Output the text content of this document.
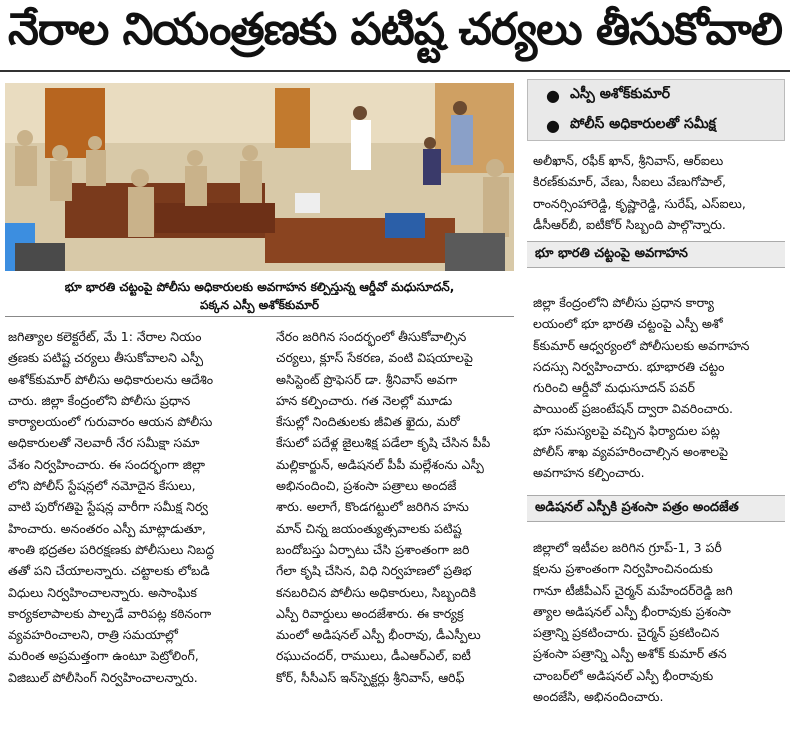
నేరాల నియంత్రణకు పటిష్ట చర్యలు తీసుకోవాలి
భూ భారతి చట్టంపై పోలీసు అధికారులకు అవగాహన కల్పిస్తున్న ఆర్డీవో మధుసూదన్,
పక్కన ఎస్పీ అశోక్‌కుమార్
● ఎస్పీ అశోక్‌కుమార్
● పోలీస్ అధికారులతో సమీక్ష

జగిత్యాల కలెక్టరేట్, మే 1: నేరాల నియం

త్రణకు పటిష్ట చర్యలు తీసుకోవాలని ఎస్పీ

అశోక్‌కుమార్ పోలీసు అధికారులను ఆదేశిం

చారు. జిల్లా కేంద్రంలోని పోలీసు ప్రధాన

కార్యాలయంలో గురువారం ఆయన పోలీసు

అధికారులతో నెలవారీ నేర సమీక్షా సమా

వేశం నిర్వహించారు. ఈ సందర్భంగా జిల్లా

లోని పోలీస్ స్టేషన్లలో నమోదైన కేసులు,

వాటి పురోగతిపై స్టేషన్ల వారీగా సమీక్ష నిర్వ

హించారు. అనంతరం ఎస్పీ మాట్లాడుతూ,

శాంతి భద్రతల పరిరక్షణకు పోలీసులు నిబద్ధ

తతో పని చేయాలన్నారు. చట్టాలకు లోబడి

విధులు నిర్వహించాలన్నారు. అసాంఘిక

కార్యకలాపాలకు పాల్పడే వారిపట్ల కఠినంగా

వ్యవహరించాలని, రాత్రి సమయాల్లో

మరింత అప్రమత్తంగా ఉంటూ పెట్రోలింగ్,

విజిబుల్ పోలీసింగ్ నిర్వహించాలన్నారు.

నేరం జరిగిన సందర్భంలో తీసుకోవాల్సిన

చర్యలు, క్లూస్ సేకరణ, వంటి విషయాలపై

అసిస్టెంట్ ప్రొఫెసర్ డా. శ్రీనివాస్ అవగా

హన కల్పించారు. గత నెలల్లో మూడు

కేసుల్లో నిందితులకు జీవిత ఖైదు, మరో

కేసులో పదేళ్ల జైలుశిక్ష పడేలా కృషి చేసిన పీపీ

మల్లికార్జున్, అడిషనల్ పీపీ మల్లేశంను ఎస్పీ

అభినందించి, ప్రశంసా పత్రాలు అందజే

శారు. అలాగే, కొండగట్టులో జరిగిన హను

మాన్ చిన్న జయంత్యుత్సవాలకు పటిష్ట

బందోబస్తు ఏర్పాటు చేసి ప్రశాంతంగా జరి

గేలా కృషి చేసిన, విధి నిర్వహణలో ప్రతిభ

కనబరిచిన పోలీసు అధికారులు, సిబ్బందికి

ఎస్పీ రివార్డులు అందజేశారు. ఈ కార్యక్ర

మంలో అడిషనల్ ఎస్పీ భీంరావు, డీఎస్పీలు

రఘుచందర్, రాములు, డీఎఆర్‌ఎల్, ఐటీ

కోర్, సీసీఎస్ ఇన్‌స్పెక్టర్లు శ్రీనివాస్, ఆరిఫ్

అలీఖాన్, రఫీక్ ఖాన్, శ్రీనివాస్, ఆర్‌ఐలు

కిరణ్‌కుమార్, వేణు, సీఐలు వేణుగోపాల్,

రాంనర్సింహారెడ్డి, కృష్ణారెడ్డి, సురేష్, ఎస్‌ఐలు,

డీసీఆర్‌బీ, ఐటీకోర్ సిబ్బంది పాల్గొన్నారు.

భూ భారతి చట్టంపై అవగాహన

జిల్లా కేంద్రంలోని పోలీసు ప్రధాన కార్యా

లయంలో భూ భారతి చట్టంపై ఎస్పీ అశో

క్‌కుమార్ ఆధ్వర్యంలో పోలీసులకు అవగాహన

సదస్సు నిర్వహించారు. భూభారతి చట్టం

గురించి ఆర్డీవో మధుసూదన్ పవర్

పాయింట్ ప్రజంటేషన్ ద్వారా వివరించారు.

భూ సమస్యలపై వచ్చిన ఫిర్యాదుల పట్ల

పోలీస్ శాఖ వ్యవహరించాల్సిన అంశాలపై

అవగాహన కల్పించారు.

అడిషనల్ ఎస్పీకి ప్రశంసా పత్రం అందజేత

జిల్లాలో ఇటీవల జరిగిన గ్రూప్-1, 3 పరీ

క్షలను ప్రశాంతంగా నిర్వహించినందుకు

గానూ టీజీపీఎస్ చైర్మన్ మహేందర్‌రెడ్డి జగి

త్యాల అడిషనల్ ఎస్పీ భీంరావుకు ప్రశంసా

పత్రాన్ని ప్రకటించారు. చైర్మన్ ప్రకటించిన

ప్రశంసా పత్రాన్ని ఎస్పీ అశోక్ కుమార్ తన

చాంబర్‌లో అడిషనల్ ఎస్పీ భీంరావుకు

అందజేసి, అభినందించారు.
